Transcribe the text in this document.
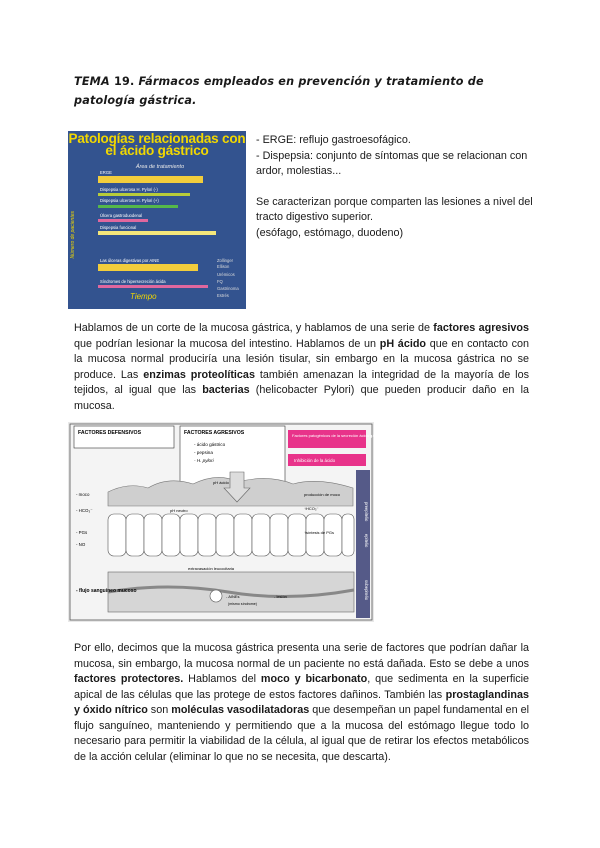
TEMA 19. Fármacos empleados en prevención y tratamiento de patología gástrica.
Patologías relacionadas con
el ácido gástrico
Área de tratamiento
Número de pacientes
ERGE
Dispepsia ulcerosa H. Pylori (-)
Dispepsia ulcerosa H. Pylori (+)
Úlcera gastroduodenal
Dispepsia funcional
Las úlceras digestivas por AINE
Síndromes de hipersecreción ácida
Zollinger
Ellison
Urémicos
FQ
Gastrinoma
Estrés
Tiempo

- ERGE: reflujo gastroesofágico.

- Dispepsia: conjunto de síntomas que se relacionan con ardor, molestias...

Se caracterizan porque comparten las lesiones a nivel del tracto digestivo superior.

(esófago, estómago, duodeno)

Hablamos de un corte de la mucosa gástrica, y hablamos de una serie de factores agresivos que podrían lesionar la mucosa del intestino. Hablamos de un pH ácido que en contacto con la mucosa normal produciría una lesión tisular, sin embargo en la mucosa gástrica no se produce. Las enzimas proteolíticas también amenazan la integridad de la mayoría de los tejidos, al igual que las bacterias (helicobacter Pylori) que pueden producir daño en la mucosa.
FACTORES DEFENSIVOS	FACTORES AGRESIVOS
- ácido gástrico
- pepsina
- H. pylori
Factores patogénicos de la secreción ácida gástrica
Inhibición de la ácido
preepitelio
epitelio
subepitelio
pH ácido
pH neutro
producción de moco
↑HCO₃⁻
↑síntesis de PGs
- moco
- HCO₃⁻
- PGs
- NO
extravasación leucocitaria
- AINEs
(mismo síndrome)
- lesión
- flujo sanguíneo mucoso
Por ello, decimos que la mucosa gástrica presenta una serie de factores que podrían dañar la mucosa, sin embargo, la mucosa normal de un paciente no está dañada. Esto se debe a unos factores protectores. Hablamos del moco y bicarbonato, que sedimenta en la superficie apical de las células que las protege de estos factores dañinos. También las prostaglandinas y óxido nítrico son moléculas vasodilatadoras que desempeñan un papel fundamental en el flujo sanguíneo, manteniendo y permitiendo que a la mucosa del estómago llegue todo lo necesario para permitir la viabilidad de la célula, al igual que de retirar los efectos metabólicos de la acción celular (eliminar lo que no se necesita, que descarta).
